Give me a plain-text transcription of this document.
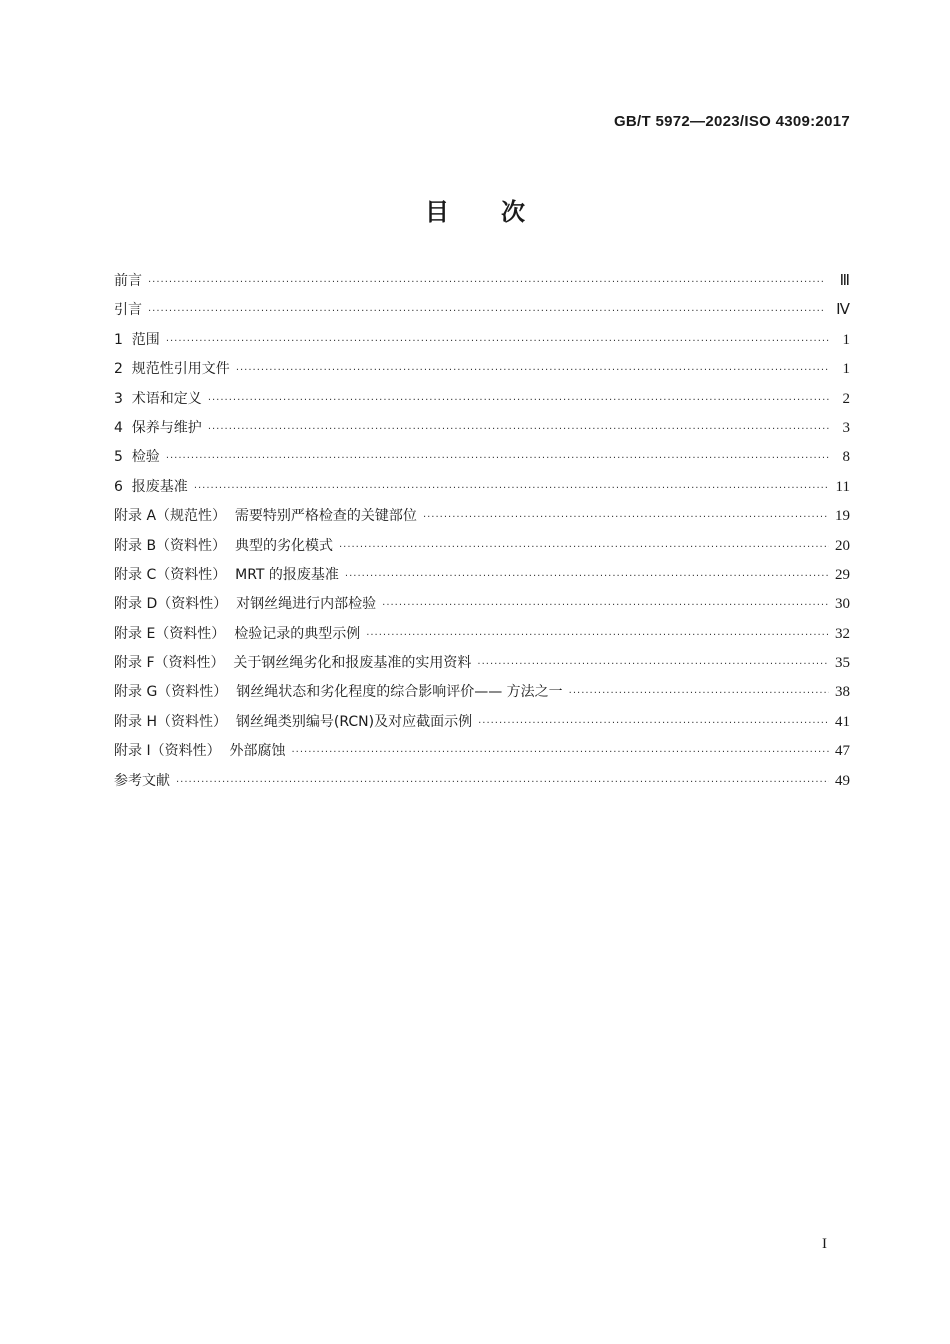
GB/T 5972—2023/ISO 4309:2017
目次
前言 ·····	Ⅲ
引言 ·····	Ⅳ
1  范围 ·····	1
2  规范性引用文件 ·····	1
3  术语和定义 ·····	2
4  保养与维护 ·····	3
5  检验 ·····	8
6  报废基准 ·····	11
附录 A（规范性）  需要特别严格检查的关键部位 ·····	19
附录 B（资料性）  典型的劣化模式 ·····	20
附录 C（资料性）  MRT 的报废基准 ·····	29
附录 D（资料性）  对钢丝绳进行内部检验 ·····	30
附录 E（资料性）  检验记录的典型示例 ·····	32
附录 F（资料性）  关于钢丝绳劣化和报废基准的实用资料 ·····	35
附录 G（资料性）  钢丝绳状态和劣化程度的综合影响评价—— 方法之一 ·····	38
附录 H（资料性）  钢丝绳类别编号(RCN)及对应截面示例 ·····	41
附录 I（资料性）  外部腐蚀 ·····	47
参考文献 ·····	49
I
